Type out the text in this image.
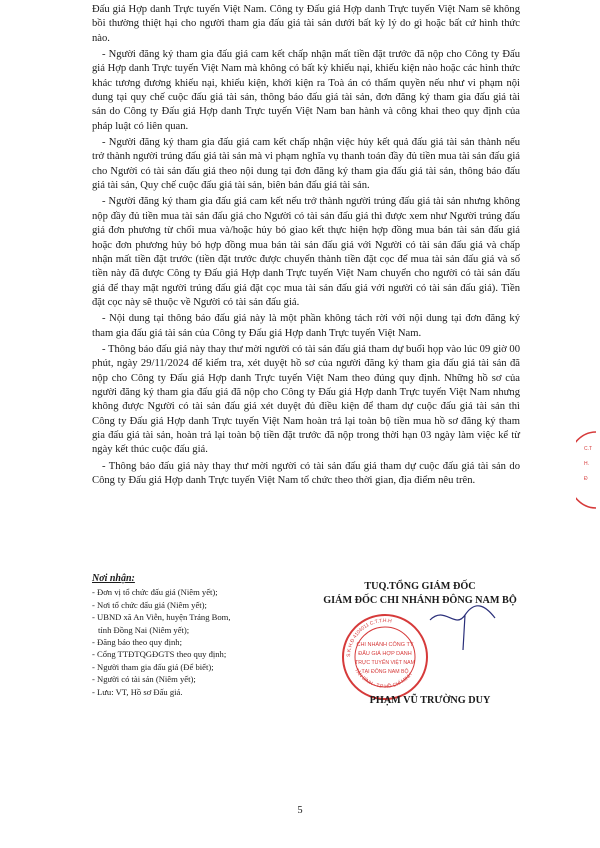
Đấu giá Hợp danh Trực tuyến Việt Nam. Công ty Đấu giá Hợp danh Trực tuyến Việt Nam sẽ không bồi thường thiệt hại cho người tham gia đấu giá tài sản dưới bất kỳ lý do gì hoặc bất cứ hình thức nào.

- Người đăng ký tham gia đấu giá cam kết chấp nhận mất tiền đặt trước đã nộp cho Công ty Đấu giá Hợp danh Trực tuyến Việt Nam mà không có bất kỳ khiếu nại, khiếu kiện nào hoặc các hình thức khác tương đương khiếu nại, khiếu kiện, khởi kiện ra Toà án có thẩm quyền nếu như vi phạm nội dung tại quy chế cuộc đấu giá tài sản, thông báo đấu giá tài sản, đơn đăng ký tham gia đấu giá tài sản do Công ty Đấu giá Hợp danh Trực tuyến Việt Nam ban hành và công khai theo quy định của pháp luật có liên quan.

- Người đăng ký tham gia đấu giá cam kết chấp nhận việc hủy kết quả đấu giá tài sản thành nếu trở thành người trúng đấu giá tài sản mà vi phạm nghĩa vụ thanh toán đầy đủ tiền mua tài sản đấu giá cho Người có tài sản đấu giá theo nội dung tại đơn đăng ký tham gia đấu giá tài sản, thông báo đấu giá tài sản, Quy chế cuộc đấu giá tài sản, biên bản đấu giá tài sản.

- Người đăng ký tham gia đấu giá cam kết nếu trở thành người trúng đấu giá tài sản nhưng không nộp đầy đủ tiền mua tài sản đấu giá cho Người có tài sản đấu giá thì được xem như Người trúng đấu giá đơn phương từ chối mua và/hoặc hủy bỏ giao kết thực hiện hợp đồng mua bán tài sản đấu giá hoặc đơn phương hủy bỏ hợp đồng mua bán tài sản đấu giá với Người có tài sản đấu giá và chấp nhận mất tiền đặt trước (tiền đặt trước được chuyển thành tiền đặt cọc để mua tài sản đấu giá và số tiền này đã được Công ty Đấu giá Hợp danh Trực tuyến Việt Nam chuyển cho người có tài sản đấu giá để thay mặt người trúng đấu giá đặt cọc mua tài sản đấu giá với người có tài sản đấu giá). Tiền đặt cọc này sẽ thuộc về Người có tài sản đấu giá.

- Nội dung tại thông báo đấu giá này là một phần không tách rời với nội dung tại đơn đăng ký tham gia đấu giá tài sản của Công ty Đấu giá Hợp danh Trực tuyến Việt Nam.

- Thông báo đấu giá này thay thư mời người có tài sản đấu giá tham dự buổi họp vào lúc 09 giờ 00 phút, ngày 29/11/2024 để kiểm tra, xét duyệt hồ sơ của người đăng ký tham gia đấu giá tài sản đã nộp cho Công ty Đấu giá Hợp danh Trực tuyến Việt Nam theo đúng quy định. Những hồ sơ của người đăng ký tham gia đấu giá đã nộp cho Công ty Đấu giá Hợp danh Trực tuyến Việt Nam nhưng không được Người có tài sản đấu giá xét duyệt đủ điều kiện để tham dự cuộc đấu giá tài sản thì Công ty Đấu giá Hợp danh Trực tuyến Việt Nam hoàn trả lại toàn bộ tiền mua hồ sơ đăng ký tham gia đấu giá tài sản, hoàn trả lại toàn bộ tiền đặt trước đã nộp trong thời hạn 03 ngày làm việc kể từ ngày kết thúc cuộc đấu giá.

- Thông báo đấu giá này thay thư mời người có tài sản đấu giá tham dự cuộc đấu giá tài sản do Công ty Đấu giá Hợp danh Trực tuyến Việt Nam tổ chức theo thời gian, địa điểm nêu trên.

Nơi nhận:
- Đơn vị tổ chức đấu giá (Niêm yết);
- Nơi tổ chức đấu giá (Niêm yết);
- UBND xã An Viễn, huyện Trảng Bom,
tỉnh Đồng Nai (Niêm yết);
- Đăng báo theo quy định;
- Cổng TTĐTQGĐGTS theo quy định;
- Người tham gia đấu giá (Để biết);
- Người có tài sản (Niêm yết);
- Lưu: VT, Hồ sơ Đấu giá.
TUQ.TỔNG GIÁM ĐỐC
GIÁM ĐỐC CHI NHÁNH ĐÔNG NAM BỘ
CHI NHÁNH CÔNG TY
ĐẤU GIÁ HỢP DANH
TRỰC TUYẾN VIỆT NAM
TẠI ĐÔNG NAM BỘ
S.K.H.Đ 4104011 C.T.T.H.H
TÂN BÌNH - T.P HỒ CHÍ MINH
C.T
H.
Đ
PHẠM VŨ TRƯỜNG DUY
5
